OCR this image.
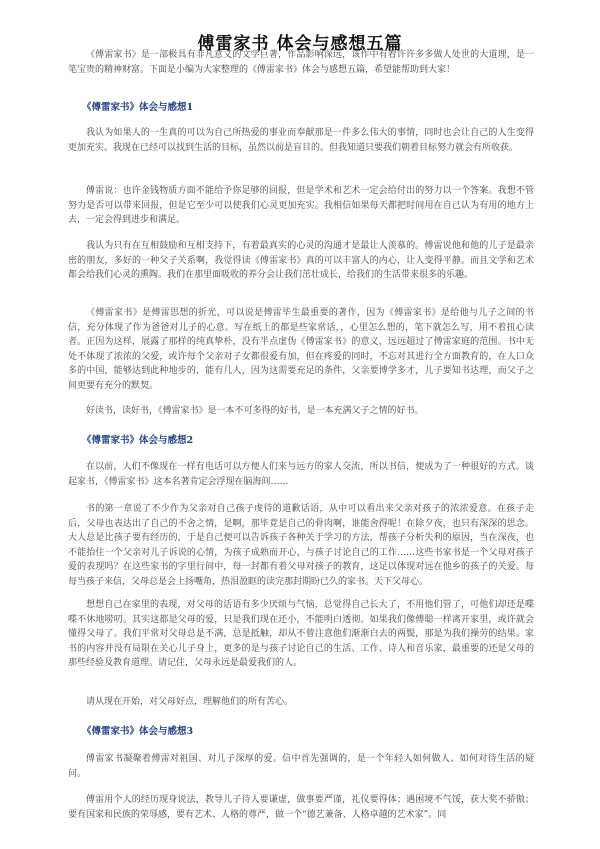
傅雷家书 体会与感想五篇

《傅雷家书》是一部极具有非凡意义的文学巨著，作品影响深远，该作中有着许许多多做人处世的大道理，是一笔宝贵的精神财富。下面是小编为大家整理的《傅雷家书》体会与感想五篇，希望能帮助到大家！

《傅雷家书》体会与感想1

我认为如果人的一生真的可以为自己所热爱的事业而奉献那是一件多么伟大的事情，同时也会让自己的人生变得更加充实。我现在已经可以找到生活的目标，虽然以前是盲目的。但我知道只要我们朝着目标努力就会有所收获。

傅雷说：也许金钱物质方面不能给予你足够的回报，但是学术和艺术一定会给付出的努力以一个答案。我想不管努力是否可以带来回报，但是它至少可以使我们心灵更加充实。我相信如果每天都把时间用在自己认为有用的地方上去，一定会得到进步和满足。

我认为只有在互相鼓励和互相支持下，有着最真实的心灵的沟通才是最让人羡慕的。傅雷说他和他的儿子是最亲密的朋友，多好的一种父子关系啊，我觉得读《傅雷家书》真的可以丰富人的内心，让人变得平静。而且文学和艺术都会给我们心灵的熏陶。我们在那里面吸收的养分会让我们茁壮成长，给我们的生活带来很多的乐趣。

《傅雷家书》是傅雷思想的折光，可以说是傅雷毕生最重要的著作，因为《傅雷家书》是给他与儿子之间的书信，充分体现了作为爸爸对儿子的心意。写在纸上的都是些家常话，，心里怎么想的，笔下就怎么写，用不着扭心读者。正因为这样，展露了那样的纯真挚朴，没有半点虚伪《傅雷家书》的意义，远远超过了傅雷家庭的范围。书中无处不体现了浓浓的父爱，或许每个父亲对子女都很爱有加，但在疼爱的同时，不忘对其进行全方面教育的，在人口众多的中国，能够达到此种地步的，能有几人，因为这需要充足的条件，父亲要博学多才，儿子要知书达理，而父子之间更要有充分的默契。

好读书，读好书，《傅雷家书》是一本不可多得的好书，是一本充满父子之情的好书。

《傅雷家书》体会与感想2

在以前，人们不像现在一样有电话可以方便人们来与远方的家人交流，所以书信，便成为了一种很好的方式。谈起家书，《傅雷家书》这本名著肯定会浮现在脑海间……

书的第一章说了不少作为父亲对自己孩子虔待的道歉话语，从中可以看出来父亲对孩子的浓浓爱意。在孩子走后，父母也表达出了自己的不舍之情，是啊，那毕竟是自己的骨肉啊，谁能舍得呢！在除夕夜，也只有深深的思念。大人总是比孩子要有经历的，于是自己便可以告诉孩子各种关于学习的方法，帮孩子分析失利的原因，当在深夜，也不能抬住一个父亲对儿子诉说的心情，为孩子成熟而开心，与孩子讨论自己的工作……这些书家书是一个父母对孩子爱的表现吗？在这些家书的字里行间中，每一封都有着父母对孩子的教育，这足以体现对远在他乡的孩子的关爱。每每当孩子来信，父母总是会上扬嘴角，热泪盈眶的读完那封期盼已久的家书。天下父母心。

想想自己在家里的表现，对父母的话语有多少厌烦与气恼，总觉得自己长大了，不用他们管了，可他们却还是喋喋不休地唠叨。其实这都是父母的爱，只是我们现在还小，不能明白透彻。如果我们像傅聪一样离开家里，或许就会懂得父母了。我们平常对父母总是不满，总是抵触，却从不曾注意他们渐渐白去的两鬓，那是为我们操劳的结果。家书的内容并没有局限在关心儿子身上，更多的是与孩子讨论自己的生活、工作、诗人和音乐家，最重要的还是父母的那些经验及教育道理。请记住，父母永远是最爱我们的人。

请从现在开始，对父母好点，理解他们的所有苦心。

《傅雷家书》体会与感想3

傅雷家书凝聚着傅雷对祖国、对儿子深厚的爱。信中首先强调的，是一个年轻人如何做人、如何对待生活的疑问。

傅雷用个人的经历现身说法，教导儿子待人要谦虚，做事要严谨，礼仪要得体；遇困境不气馁，获大奖不骄傲；要有国家和民族的荣辱感，要有艺术、人格的尊严，做一个“德艺兼备、人格卓越的艺术家”。同
